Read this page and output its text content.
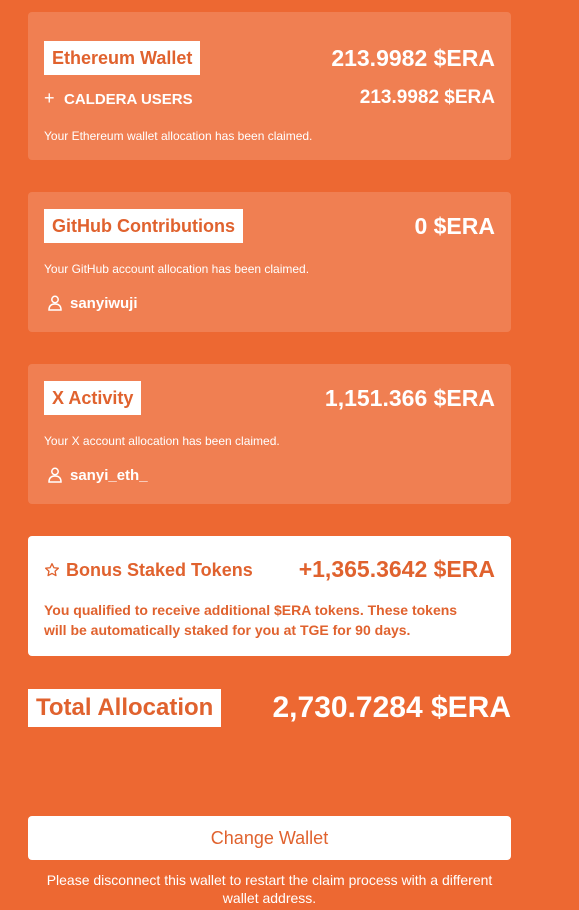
Ethereum Wallet	213.9982 $ERA
+ CALDERA USERS	213.9982 $ERA
Your Ethereum wallet allocation has been claimed.
GitHub Contributions	0 $ERA
Your GitHub account allocation has been claimed.
sanyiwuji
X Activity	1,151.366 $ERA
Your X account allocation has been claimed.
sanyi_eth_
Bonus Staked Tokens +1,365.3642 $ERA
You qualified to receive additional $ERA tokens. These tokens will be automatically staked for you at TGE for 90 days.
Total Allocation 2,730.7284 $ERA
Change Wallet
Please disconnect this wallet to restart the claim process with a different wallet address.
